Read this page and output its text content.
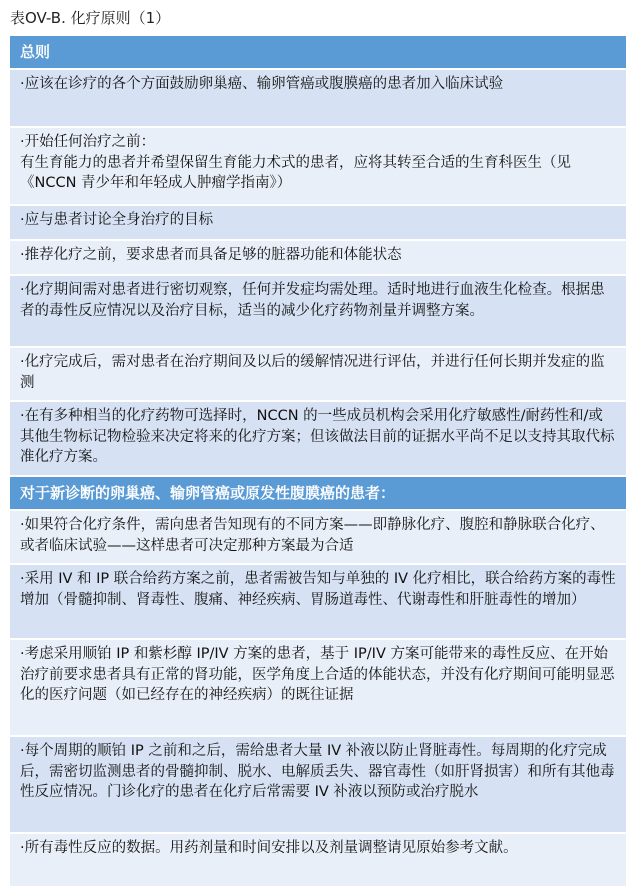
表OV-B. 化疗原则（1）
总则
·应该在诊疗的各个方面鼓励卵巢癌、输卵管癌或腹膜癌的患者加入临床试验
·开始任何治疗之前：
有生育能力的患者并希望保留生育能力术式的患者，应将其转至合适的生育科医生（见《NCCN 青少年和年轻成人肿瘤学指南》）
·应与患者讨论全身治疗的目标
·推荐化疗之前，要求患者而具备足够的脏器功能和体能状态
·化疗期间需对患者进行密切观察，任何并发症均需处理。适时地进行血液生化检查。根据患者的毒性反应情况以及治疗目标，适当的减少化疗药物剂量并调整方案。
·化疗完成后，需对患者在治疗期间及以后的缓解情况进行评估，并进行任何长期并发症的监测
·在有多种相当的化疗药物可选择时，NCCN 的一些成员机构会采用化疗敏感性/耐药性和/或其他生物标记物检验来决定将来的化疗方案；但该做法目前的证据水平尚不足以支持其取代标准化疗方案。
对于新诊断的卵巢癌、输卵管癌或原发性腹膜癌的患者：
·如果符合化疗条件，需向患者告知现有的不同方案——即静脉化疗、腹腔和静脉联合化疗、或者临床试验——这样患者可决定那种方案最为合适
·采用 IV 和 IP 联合给药方案之前，患者需被告知与单独的 IV 化疗相比，联合给药方案的毒性增加（骨髓抑制、肾毒性、腹痛、神经疾病、胃肠道毒性、代谢毒性和肝脏毒性的增加）
·考虑采用顺铂 IP 和紫杉醇 IP/IV 方案的患者，基于 IP/IV 方案可能带来的毒性反应、在开始治疗前要求患者具有正常的肾功能，医学角度上合适的体能状态，并没有化疗期间可能明显恶化的医疗问题（如已经存在的神经疾病）的既往证据
·每个周期的顺铂 IP 之前和之后，需给患者大量 IV 补液以防止肾脏毒性。每周期的化疗完成后，需密切监测患者的骨髓抑制、脱水、电解质丢失、器官毒性（如肝肾损害）和所有其他毒性反应情况。门诊化疗的患者在化疗后常需要 IV 补液以预防或治疗脱水
·所有毒性反应的数据。用药剂量和时间安排以及剂量调整请见原始参考文献。
